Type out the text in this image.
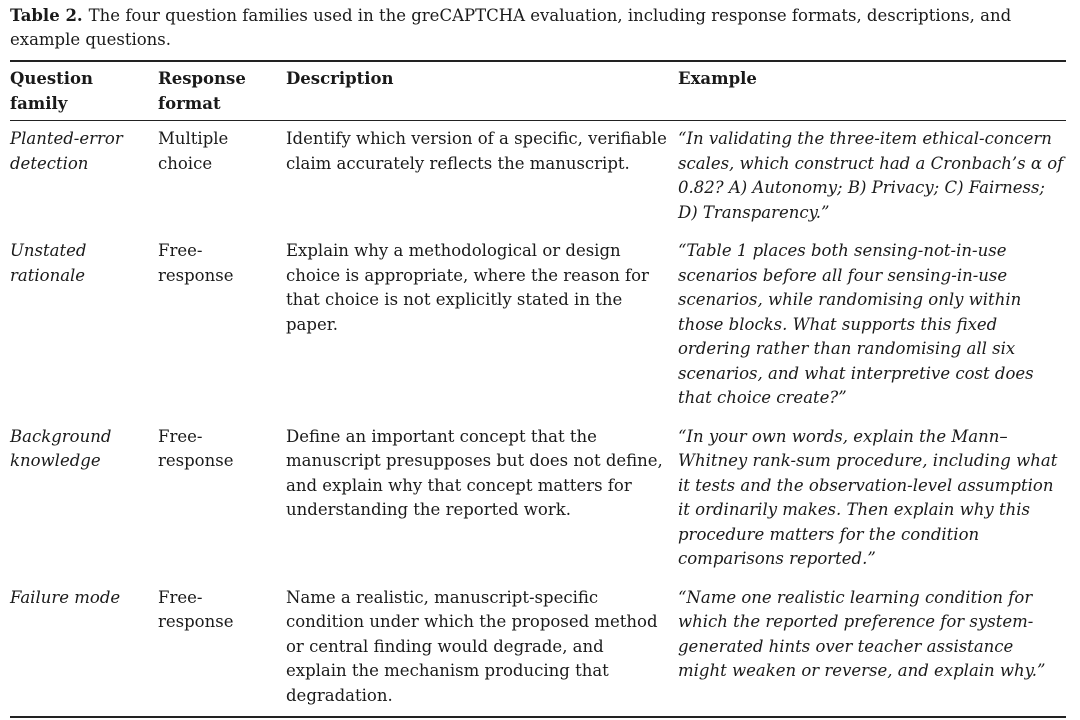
Table 2. The four question families used in the greCAPTCHA evaluation, including response formats, descriptions, and example questions.

Question family	Response format	Description	Example
Planted-error detection	Multiple choice	Identify which version of a specific, verifiable claim accurately reflects the manuscript.	“In validating the three-item ethical-concern scales, which construct had a Cronbach’s α of 0.82? A) Autonomy; B) Privacy; C) Fairness; D) Transparency.”
Unstated rationale	Free-response	Explain why a methodological or design choice is appropriate, where the reason for that choice is not explicitly stated in the paper.	“Table 1 places both sensing-not-in-use scenarios before all four sensing-in-use scenarios, while randomising only within those blocks. What supports this fixed ordering rather than randomising all six scenarios, and what interpretive cost does that choice create?”
Background knowledge	Free-response	Define an important concept that the manuscript presupposes but does not define, and explain why that concept matters for understanding the reported work.	“In your own words, explain the Mann–Whitney rank-sum procedure, including what it tests and the observation-level assumption it ordinarily makes. Then explain why this procedure matters for the condition comparisons reported.”
Failure mode	Free-response	Name a realistic, manuscript-specific condition under which the proposed method or central finding would degrade, and explain the mechanism producing that degradation.	“Name one realistic learning condition for which the reported preference for system-generated hints over teacher assistance might weaken or reverse, and explain why.”
